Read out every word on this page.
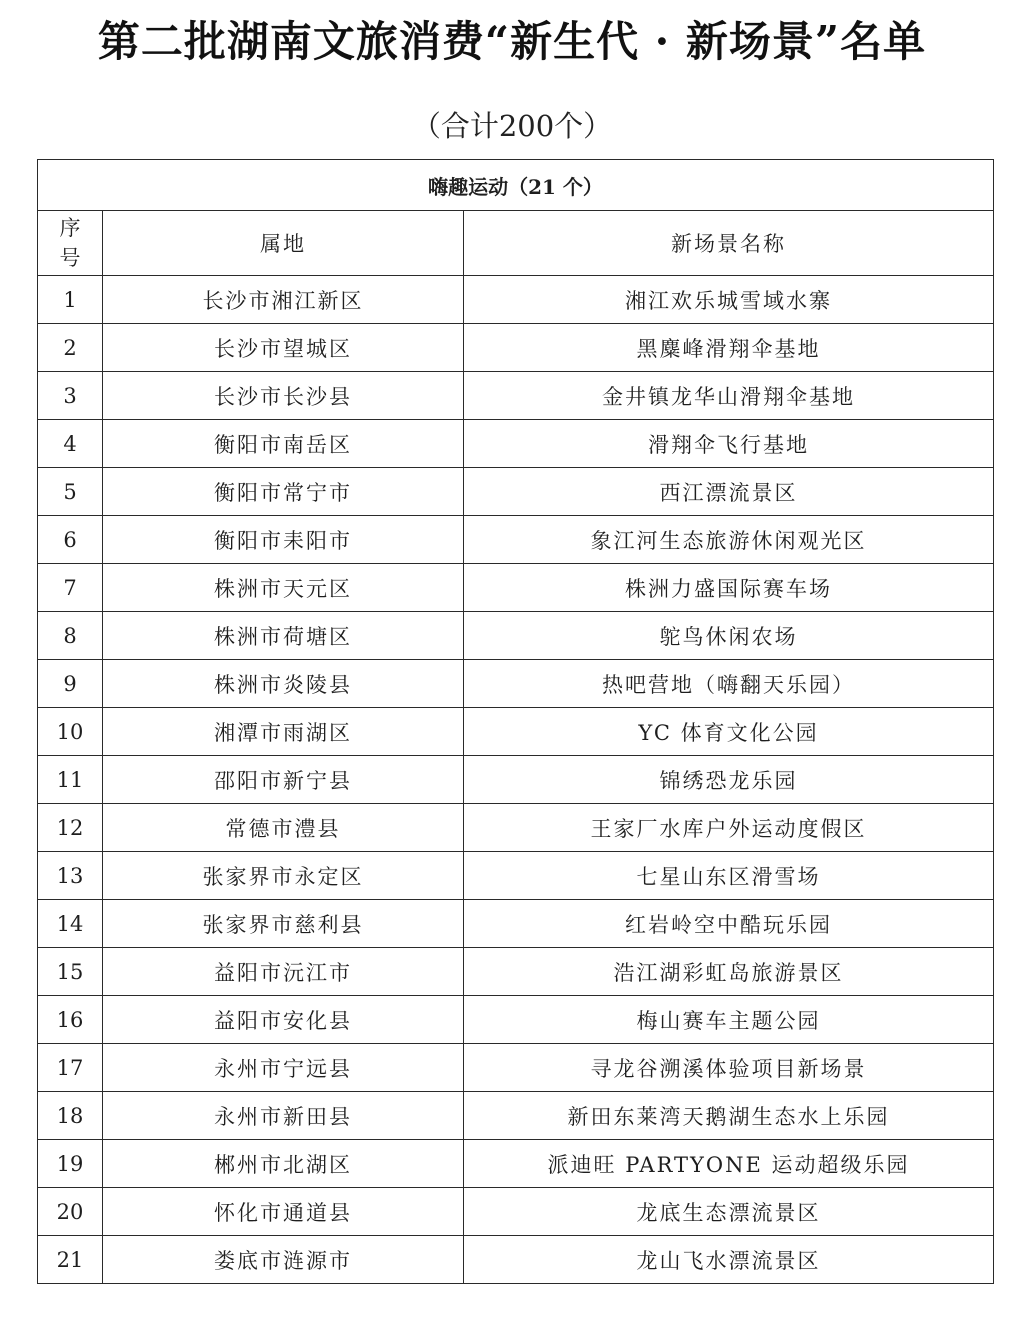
第二批湖南文旅消费“新生代 · 新场景”名单
（合计200个）
嗨趣运动（21 个）		

序
号	属地	新场景名称
1	长沙市湘江新区	湘江欢乐城雪域水寨
2	长沙市望城区	黑麋峰滑翔伞基地
3	长沙市长沙县	金井镇龙华山滑翔伞基地
4	衡阳市南岳区	滑翔伞飞行基地
5	衡阳市常宁市	西江漂流景区
6	衡阳市耒阳市	象江河生态旅游休闲观光区
7	株洲市天元区	株洲力盛国际赛车场
8	株洲市荷塘区	鸵鸟休闲农场
9	株洲市炎陵县	热吧营地（嗨翻天乐园）
10	湘潭市雨湖区	YC 体育文化公园
11	邵阳市新宁县	锦绣恐龙乐园
12	常德市澧县	王家厂水库户外运动度假区
13	张家界市永定区	七星山东区滑雪场
14	张家界市慈利县	红岩岭空中酷玩乐园
15	益阳市沅江市	浩江湖彩虹岛旅游景区
16	益阳市安化县	梅山赛车主题公园
17	永州市宁远县	寻龙谷溯溪体验项目新场景
18	永州市新田县	新田东莱湾天鹅湖生态水上乐园
19	郴州市北湖区	派迪旺 PARTYONE 运动超级乐园
20	怀化市通道县	龙底生态漂流景区
21	娄底市涟源市	龙山飞水漂流景区
